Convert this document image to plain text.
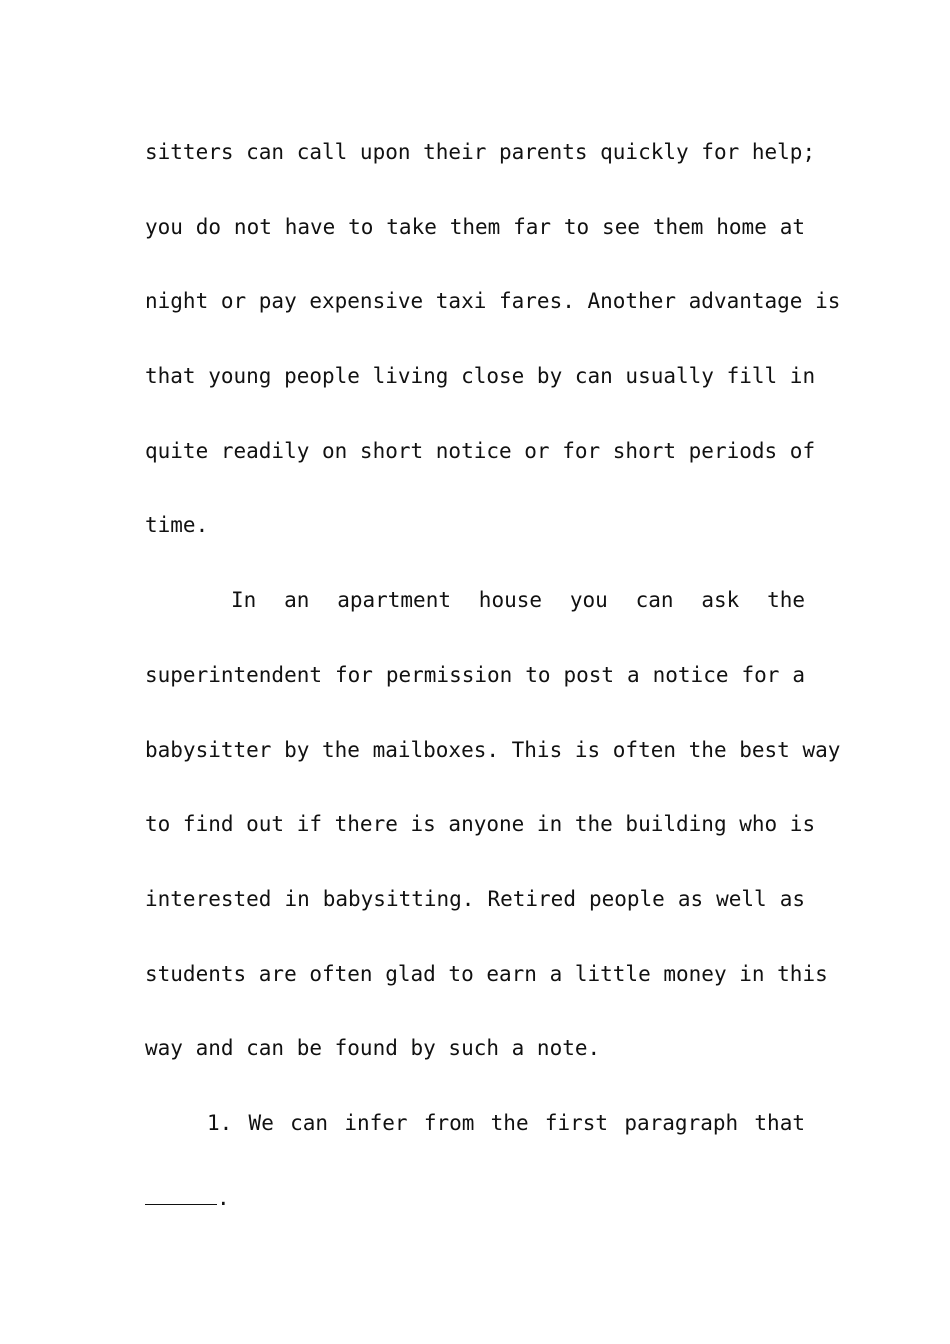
sitters can call upon their parents quickly for help;
you do not have to take them far to see them home at
night or pay expensive taxi fares. Another advantage is
that young people living close by can usually fill in
quite readily on short notice or for short periods of
time.
In an apartment house you can ask the
superintendent for permission to post a notice for a
babysitter by the mailboxes. This is often the best way
to find out if there is anyone in the building who is
interested in babysitting. Retired people as well as
students are often glad to earn a little money in this
way and can be found by such a note.
1. We can infer from the first paragraph that
.
